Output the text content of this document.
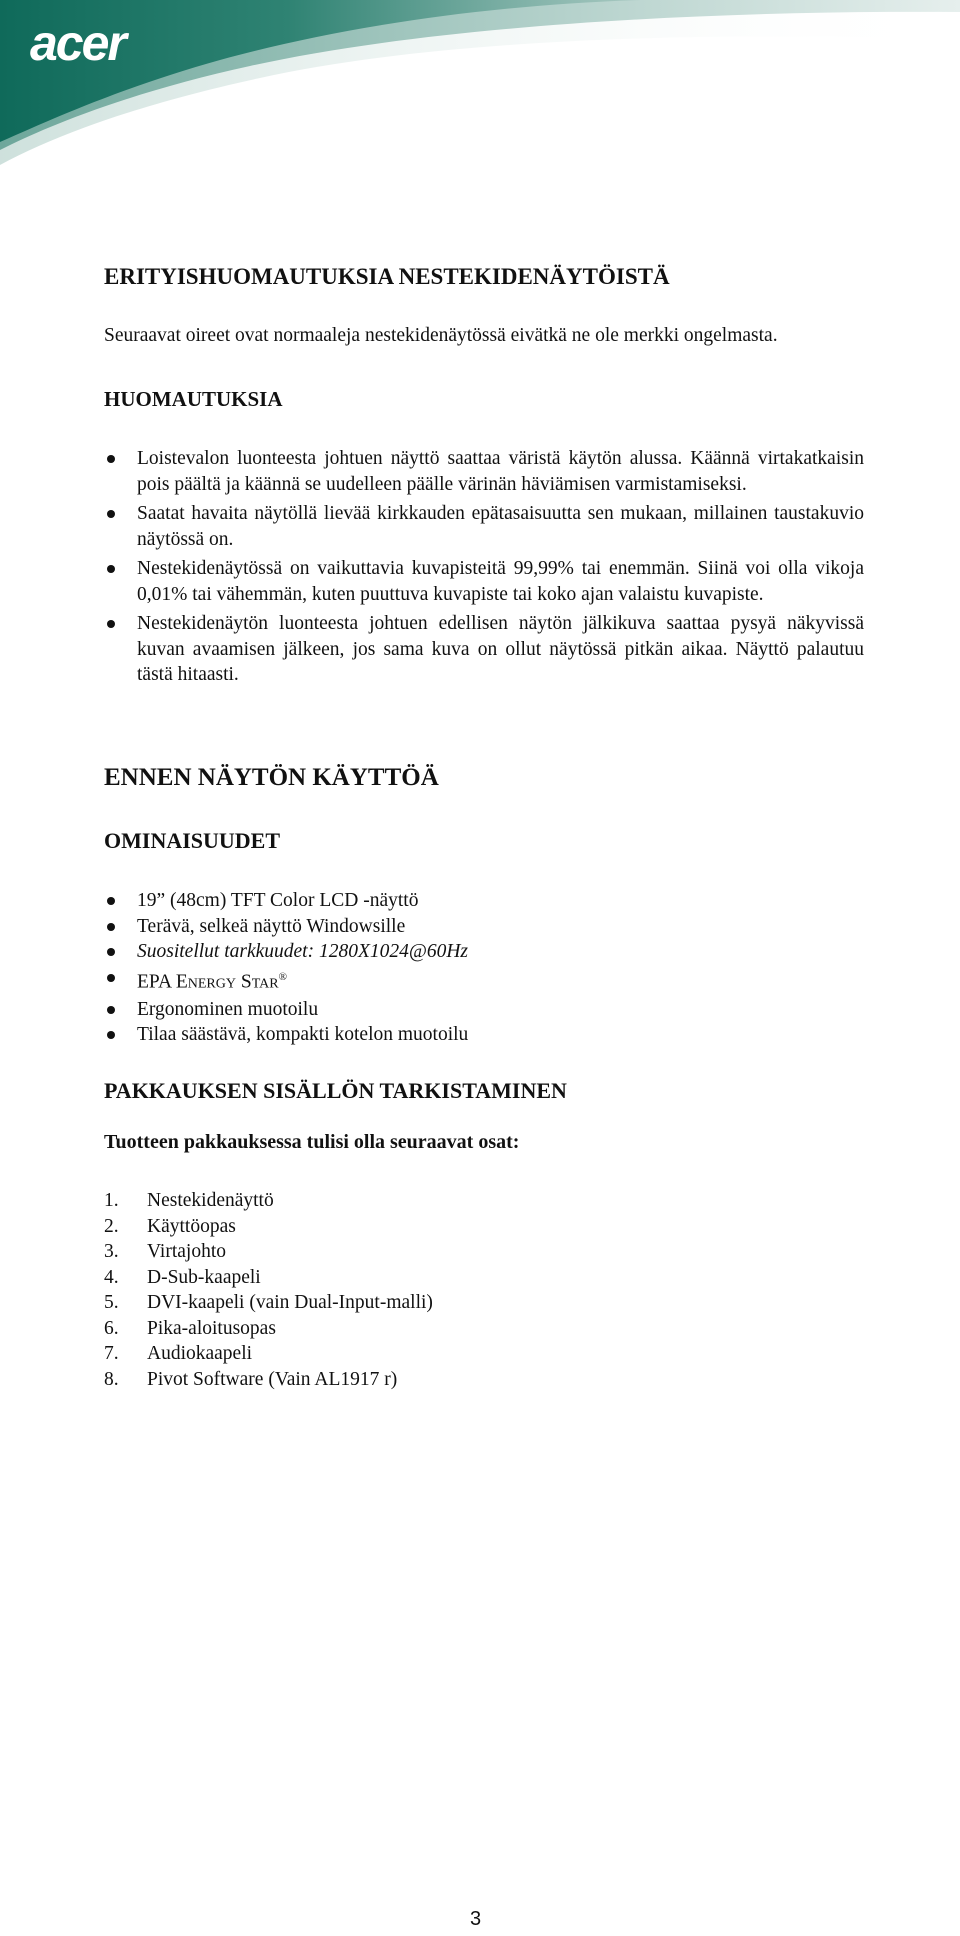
acer
ERITYISHUOMAUTUKSIA NESTEKIDENÄYTÖISTÄ
Seuraavat oireet ovat normaaleja nestekidenäytössä eivätkä ne ole merkki ongelmasta.
HUOMAUTUKSIA
Loistevalon luonteesta johtuen näyttö saattaa väristä käytön alussa. Käännä virtakatkaisin pois päältä ja käännä se uudelleen päälle värinän häviämisen varmistamiseksi.
Saatat havaita näytöllä lievää kirkkauden epätasaisuutta sen mukaan, millainen taustakuvio näytössä on.
Nestekidenäytössä on vaikuttavia kuvapisteitä 99,99% tai enemmän. Siinä voi olla vikoja 0,01% tai vähemmän, kuten puuttuva kuvapiste tai koko ajan valaistu kuvapiste.
Nestekidenäytön luonteesta johtuen edellisen näytön jälkikuva saattaa pysyä näkyvissä kuvan avaamisen jälkeen, jos sama kuva on ollut näytössä pitkän aikaa. Näyttö palautuu tästä hitaasti.
ENNEN NÄYTÖN KÄYTTÖÄ
OMINAISUUDET
19” (48cm) TFT Color LCD -näyttö
Terävä, selkeä näyttö Windowsille
Suositellut tarkkuudet: 1280X1024@60Hz
EPA ENERGY STAR®
Ergonominen muotoilu
Tilaa säästävä, kompakti kotelon muotoilu
PAKKAUKSEN SISÄLLÖN TARKISTAMINEN
Tuotteen pakkauksessa tulisi olla seuraavat osat:
1. Nestekidenäyttö
2. Käyttöopas
3. Virtajohto
4. D-Sub-kaapeli
5. DVI-kaapeli (vain Dual-Input-malli)
6. Pika-aloitusopas
7. Audiokaapeli
8. Pivot Software (Vain AL1917 r)
3
